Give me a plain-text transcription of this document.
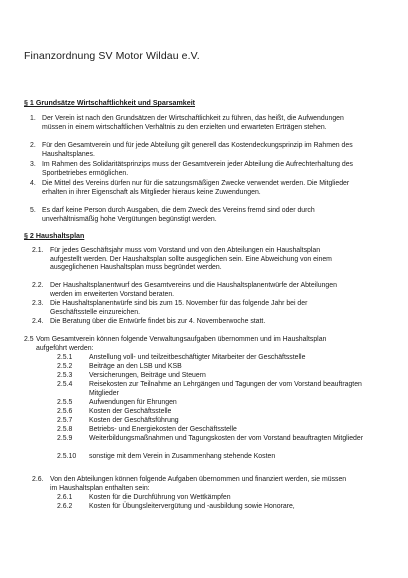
Finanzordnung SV Motor Wildau e.V.
§ 1 Grundsätze Wirtschaftlichkeit und Sparsamkeit
1. Der Verein ist nach den Grundsätzen der Wirtschaftlichkeit zu führen, das heißt, die Aufwendungen müssen in einem wirtschaftlichen Verhältnis zu den erzielten und erwarteten Erträgen stehen.
2. Für den Gesamtverein und für jede Abteilung gilt generell das Kostendeckungsprinzip im Rahmen des Haushaltsplanes.
3. Im Rahmen des Solidaritätsprinzips muss der Gesamtverein jeder Abteilung die Aufrechterhaltung des Sportbetriebes ermöglichen.
4. Die Mittel des Vereins dürfen nur für die satzungsmäßigen Zwecke verwendet werden. Die Mitglieder erhalten in ihrer Eigenschaft als Mitglieder hieraus keine Zuwendungen.
5. Es darf keine Person durch Ausgaben, die dem Zweck des Vereins fremd sind oder durch unverhältnismäßig hohe Vergütungen begünstigt werden.
§ 2 Haushaltsplan
2.1. Für jedes Geschäftsjahr muss vom Vorstand und von den Abteilungen ein Haushaltsplan aufgestellt werden. Der Haushaltsplan sollte ausgeglichen sein. Eine Abweichung von einem ausgeglichenen Haushaltsplan muss begründet werden.
2.2. Der Haushaltsplanentwurf des Gesamtvereins und die Haushaltsplanentwürfe der Abteilungen werden im erweiterten Vorstand beraten.
2.3. Die Haushaltsplanentwürfe sind bis zum 15. November für das folgende Jahr bei der Geschäftsstelle einzureichen.
2.4. Die Beratung über die Entwürfe findet bis zur 4. Novemberwoche statt.
2.5 Vom Gesamtverein können folgende Verwaltungsaufgaben übernommen und im Haushaltsplan aufgeführt werden:
2.5.1 Anstellung voll- und teilzeitbeschäftigter Mitarbeiter der Geschäftsstelle
2.5.2 Beiträge an den LSB und KSB
2.5.3 Versicherungen, Beiträge und Steuern
2.5.4 Reisekosten zur Teilnahme an Lehrgängen und Tagungen der vom Vorstand beauftragten Mitglieder
2.5.5 Aufwendungen für Ehrungen
2.5.6 Kosten der Geschäftsstelle
2.5.7 Kosten der Geschäftsführung
2.5.8 Betriebs- und Energiekosten der Geschäftsstelle
2.5.9 Weiterbildungsmaßnahmen und Tagungskosten der vom Vorstand beauftragten Mitglieder
2.5.10 sonstige mit dem Verein in Zusammenhang stehende Kosten
2.6. Von den Abteilungen können folgende Aufgaben übernommen und finanziert werden, sie müssen im Haushaltsplan enthalten sein:
2.6.1 Kosten für die Durchführung von Wettkämpfen
2.6.2 Kosten für Übungsleitervergütung und -ausbildung sowie Honorare,
